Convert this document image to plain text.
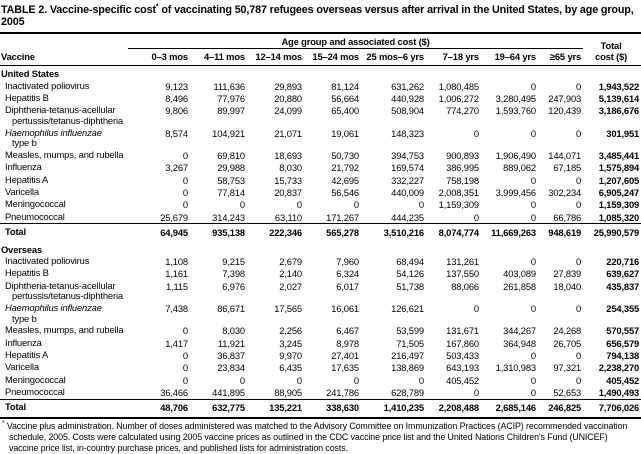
TABLE 2. Vaccine-specific cost* of vaccinating 50,787 refugees overseas versus after arrival in the United States, by age group, 2005
Vaccine	Age group and associated cost ($)								Total
cost ($)
	0–3 mos	4–11 mos	12–14 mos	15–24 mos	25 mos–6 yrs	7–18 yrs	19–64 yrs	≥65 yrs	
United States									
Inactivated poliovirus	9,123	111,636	29,893	81,124	631,262	1,080,485	0	0	1,943,522
Hepatitis B	8,496	77,976	20,880	56,664	440,928	1,006,272	3,280,495	247,903	5,139,614
Diphtheria-tetanus-acellular
pertussis/tetanus-diphtheria	9,806	89,997	24,099	65,400	508,904	774,270	1,593,760	120,439	3,186,676
Haemophilus influenzae
type b	8,574	104,921	21,071	19,061	148,323	0	0	0	301,951
Measles, mumps, and rubella	0	69,810	18,693	50,730	394,753	900,893	1,906,490	144,071	3,485,441
Influenza	3,267	29,988	8,030	21,792	169,574	386,995	889,062	67,185	1,575,894
Hepatitis A	0	58,753	15,733	42,695	332,227	758,198	0	0	1,207,605
Varicella	0	77,814	20,837	56,546	440,009	2,008,351	3,999,456	302,234	6,905,247
Meningococcal	0	0	0	0	0	1,159,309	0	0	1,159,309
Pneumococcal	25,679	314,243	63,110	171,267	444,235	0	0	66,786	1,085,320
Total	64,945	935,138	222,346	565,278	3,510,216	8,074,774	11,669,263	948,619	25,990,579
Overseas									
Inactivated poliovirus	1,108	9,215	2,679	7,960	68,494	131,261	0	0	220,716
Hepatitis B	1,161	7,398	2,140	6,324	54,126	137,550	403,089	27,839	639,627
Diphtheria-tetanus-acellular
pertussis/tetanus-diphtheria	1,115	6,976	2,027	6,017	51,738	88,066	261,858	18,040	435,837
Haemophilus influenzae
type b	7,438	86,671	17,565	16,061	126,621	0	0	0	254,355
Measles, mumps, and rubella	0	8,030	2,256	6,467	53,599	131,671	344,267	24,268	570,557
Influenza	1,417	11,921	3,245	8,978	71,505	167,860	364,948	26,705	656,579
Hepatitis A	0	36,837	9,970	27,401	216,497	503,433	0	0	794,138
Varicella	0	23,834	6,435	17,635	138,869	643,193	1,310,983	97,321	2,238,270
Meningococcal	0	0	0	0	0	405,452	0	0	405,452
Pneumococcal	36,466	441,895	88,905	241,786	628,789	0	0	52,653	1,490,493
Total	48,706	632,775	135,221	338,630	1,410,235	2,208,488	2,685,146	246,825	7,706,026
* Vaccine plus administration. Number of doses administered was matched to the Advisory Committee on Immunization Practices (ACIP) recommended vaccination schedule, 2005. Costs were calculated using 2005 vaccine prices as outlined in the CDC vaccine price list and the United Nations Children's Fund (UNICEF) vaccine price list, in-country purchase prices, and published lists for administration costs.
